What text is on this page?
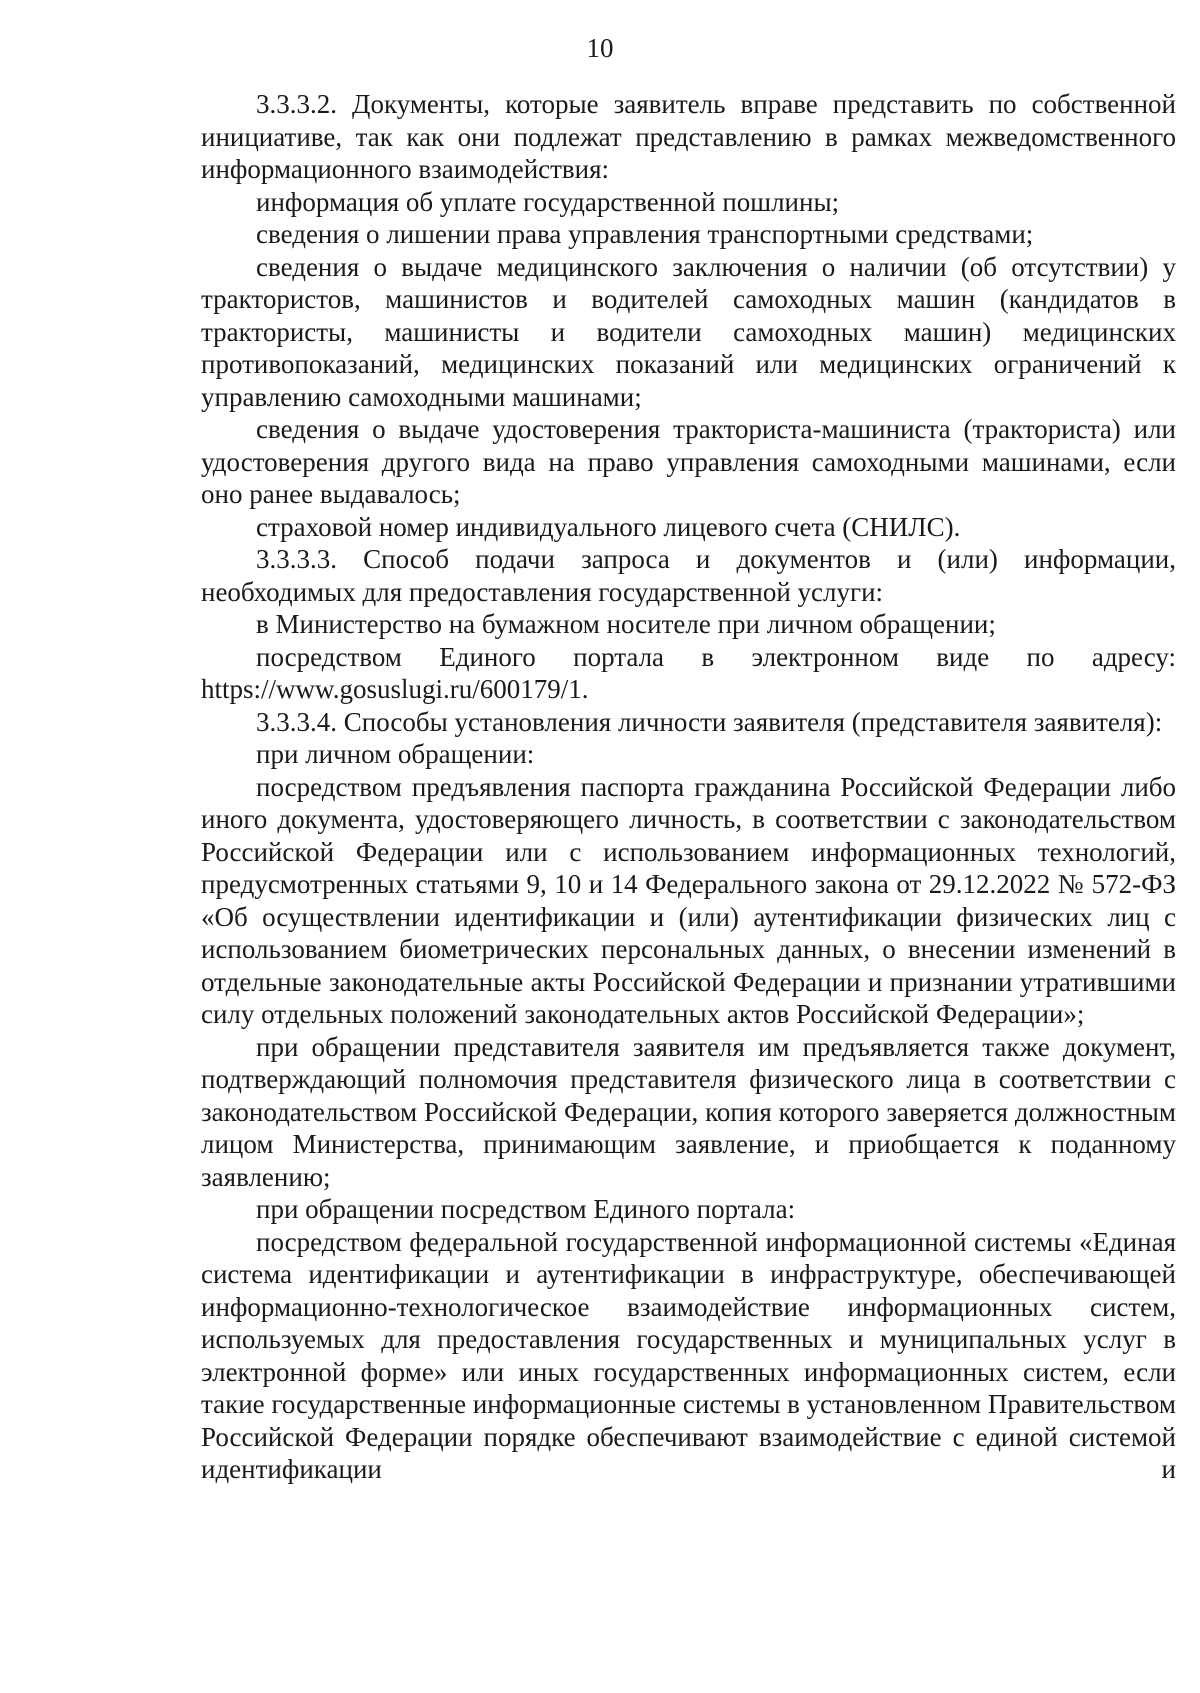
10

3.3.3.2. Документы, которые заявитель вправе представить по собственной инициативе, так как они подлежат представлению в рамках межведомственного информационного взаимодействия:

информация об уплате государственной пошлины;

сведения о лишении права управления транспортными средствами;

сведения о выдаче медицинского заключения о наличии (об отсутствии) у трактористов, машинистов и водителей самоходных машин (кандидатов в трактористы, машинисты и водители самоходных машин) медицинских противопоказаний, медицинских показаний или медицинских ограничений к управлению самоходными машинами;

сведения о выдаче удостоверения тракториста-машиниста (тракториста) или удостоверения другого вида на право управления самоходными машинами, если оно ранее выдавалось;

страховой номер индивидуального лицевого счета (СНИЛС).

3.3.3.3. Способ подачи запроса и документов и (или) информации, необходимых для предоставления государственной услуги:

в Министерство на бумажном носителе при личном обращении;

посредством Единого портала в электронном виде по адресу: https://www.gosuslugi.ru/600179/1.

3.3.3.4. Способы установления личности заявителя (представителя заявителя):

при личном обращении:

посредством предъявления паспорта гражданина Российской Федерации либо иного документа, удостоверяющего личность, в соответствии с законодательством Российской Федерации или с использованием информационных технологий, предусмотренных статьями 9, 10 и 14 Федерального закона от 29.12.2022 № 572-ФЗ «Об осуществлении идентификации и (или) аутентификации физических лиц с использованием биометрических персональных данных, о внесении изменений в отдельные законодательные акты Российской Федерации и признании утратившими силу отдельных положений законодательных актов Российской Федерации»;

при обращении представителя заявителя им предъявляется также документ, подтверждающий полномочия представителя физического лица в соответствии с законодательством Российской Федерации, копия которого заверяется должностным лицом Министерства, принимающим заявление, и приобщается к поданному заявлению;

при обращении посредством Единого портала:

посредством федеральной государственной информационной системы «Единая система идентификации и аутентификации в инфраструктуре, обеспечивающей информационно-технологическое взаимодействие информационных систем, используемых для предоставления государственных и муниципальных услуг в электронной форме» или иных государственных информационных систем, если такие государственные информационные системы в установленном Правительством Российской Федерации порядке обеспечивают взаимодействие с единой системой идентификации и
